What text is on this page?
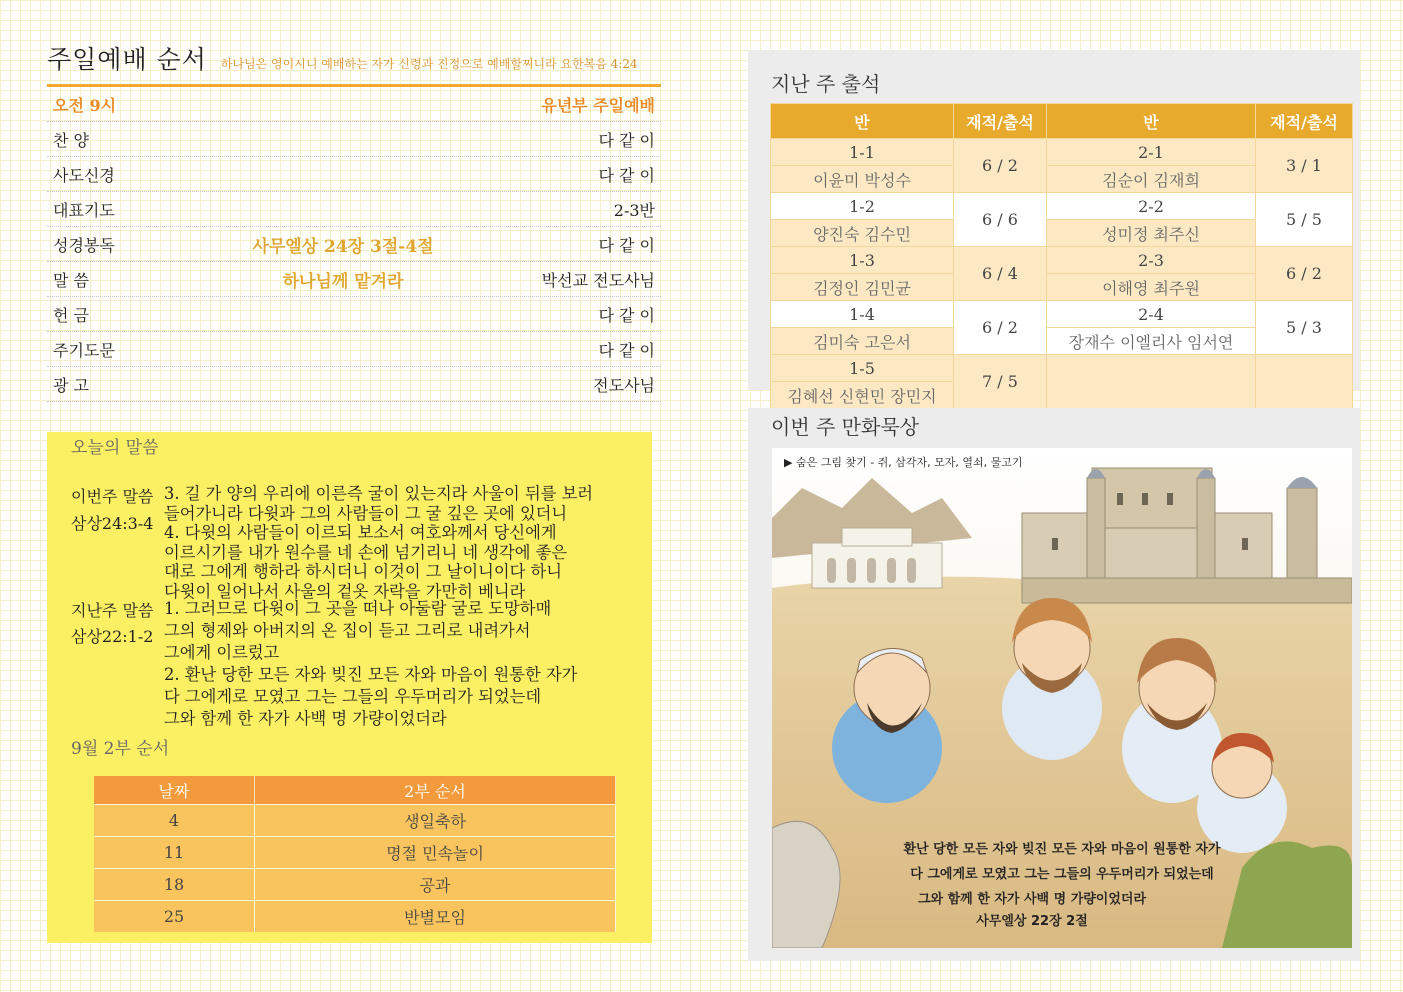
주일예배 순서 하나님은 영이시니 예배하는 자가 신령과 진정으로 예배할찌니라 요한복음 4:24
오전 9시	유년부 주일예배
찬 양	다 같 이
사도신경	다 같 이
대표기도	2-3반
성경봉독	사무엘상 24장 3절-4절	다 같 이
말 씀	하나님께 맡겨라	박선교 전도사님
헌 금	다 같 이
주기도문	다 같 이
광 고	전도사님
오늘의 말씀
이번주 말씀
삼상24:3-4
3. 길 가 양의 우리에 이른즉 굴이 있는지라 사울이 뒤를 보러
들어가니라 다윗과 그의 사람들이 그 굴 깊은 곳에 있더니
4. 다윗의 사람들이 이르되 보소서 여호와께서 당신에게
이르시기를 내가 원수를 네 손에 넘기리니 네 생각에 좋은
대로 그에게 행하라 하시더니 이것이 그 날이니이다 하니
다윗이 일어나서 사울의 겉옷 자락을 가만히 베니라
지난주 말씀
삼상22:1-2
1. 그러므로 다윗이 그 곳을 떠나 아둘람 굴로 도망하매
그의 형제와 아버지의 온 집이 듣고 그리로 내려가서
그에게 이르렀고
2. 환난 당한 모든 자와 빚진 모든 자와 마음이 원통한 자가
다 그에게로 모였고 그는 그들의 우두머리가 되었는데
그와 함께 한 자가 사백 명 가량이었더라
9월 2부 순서
날짜	2부 순서
4	생일축하
11	명절 민속놀이
18	공과
25	반별모임
지난 주 출석
반	재적/출석	반	재적/출석
1-1	6 / 2	2-1	3 / 1
이윤미 박성수		김순이 김재희	
1-2	6 / 6	2-2	5 / 5
양진숙 김수민		성미정 최주신	
1-3	6 / 4	2-3	6 / 2
김정인 김민균		이해영 최주원	
1-4	6 / 2	2-4	5 / 3
김미숙 고은서		장재수 이엘리사 임서연	
1-5	7 / 5		
김혜선 신현민 장민지			
이번 주 만화묵상
▶ 숨은 그림 찾기 - 쥐, 삼각자, 모자, 열쇠, 물고기
환난 당한 모든 자와 빚진 모든 자와 마음이 원통한 자가
다 그에게로 모였고 그는 그들의 우두머리가 되었는데
그와 함께 한 자가 사백 명 가량이었더라
사무엘상 22장 2절
